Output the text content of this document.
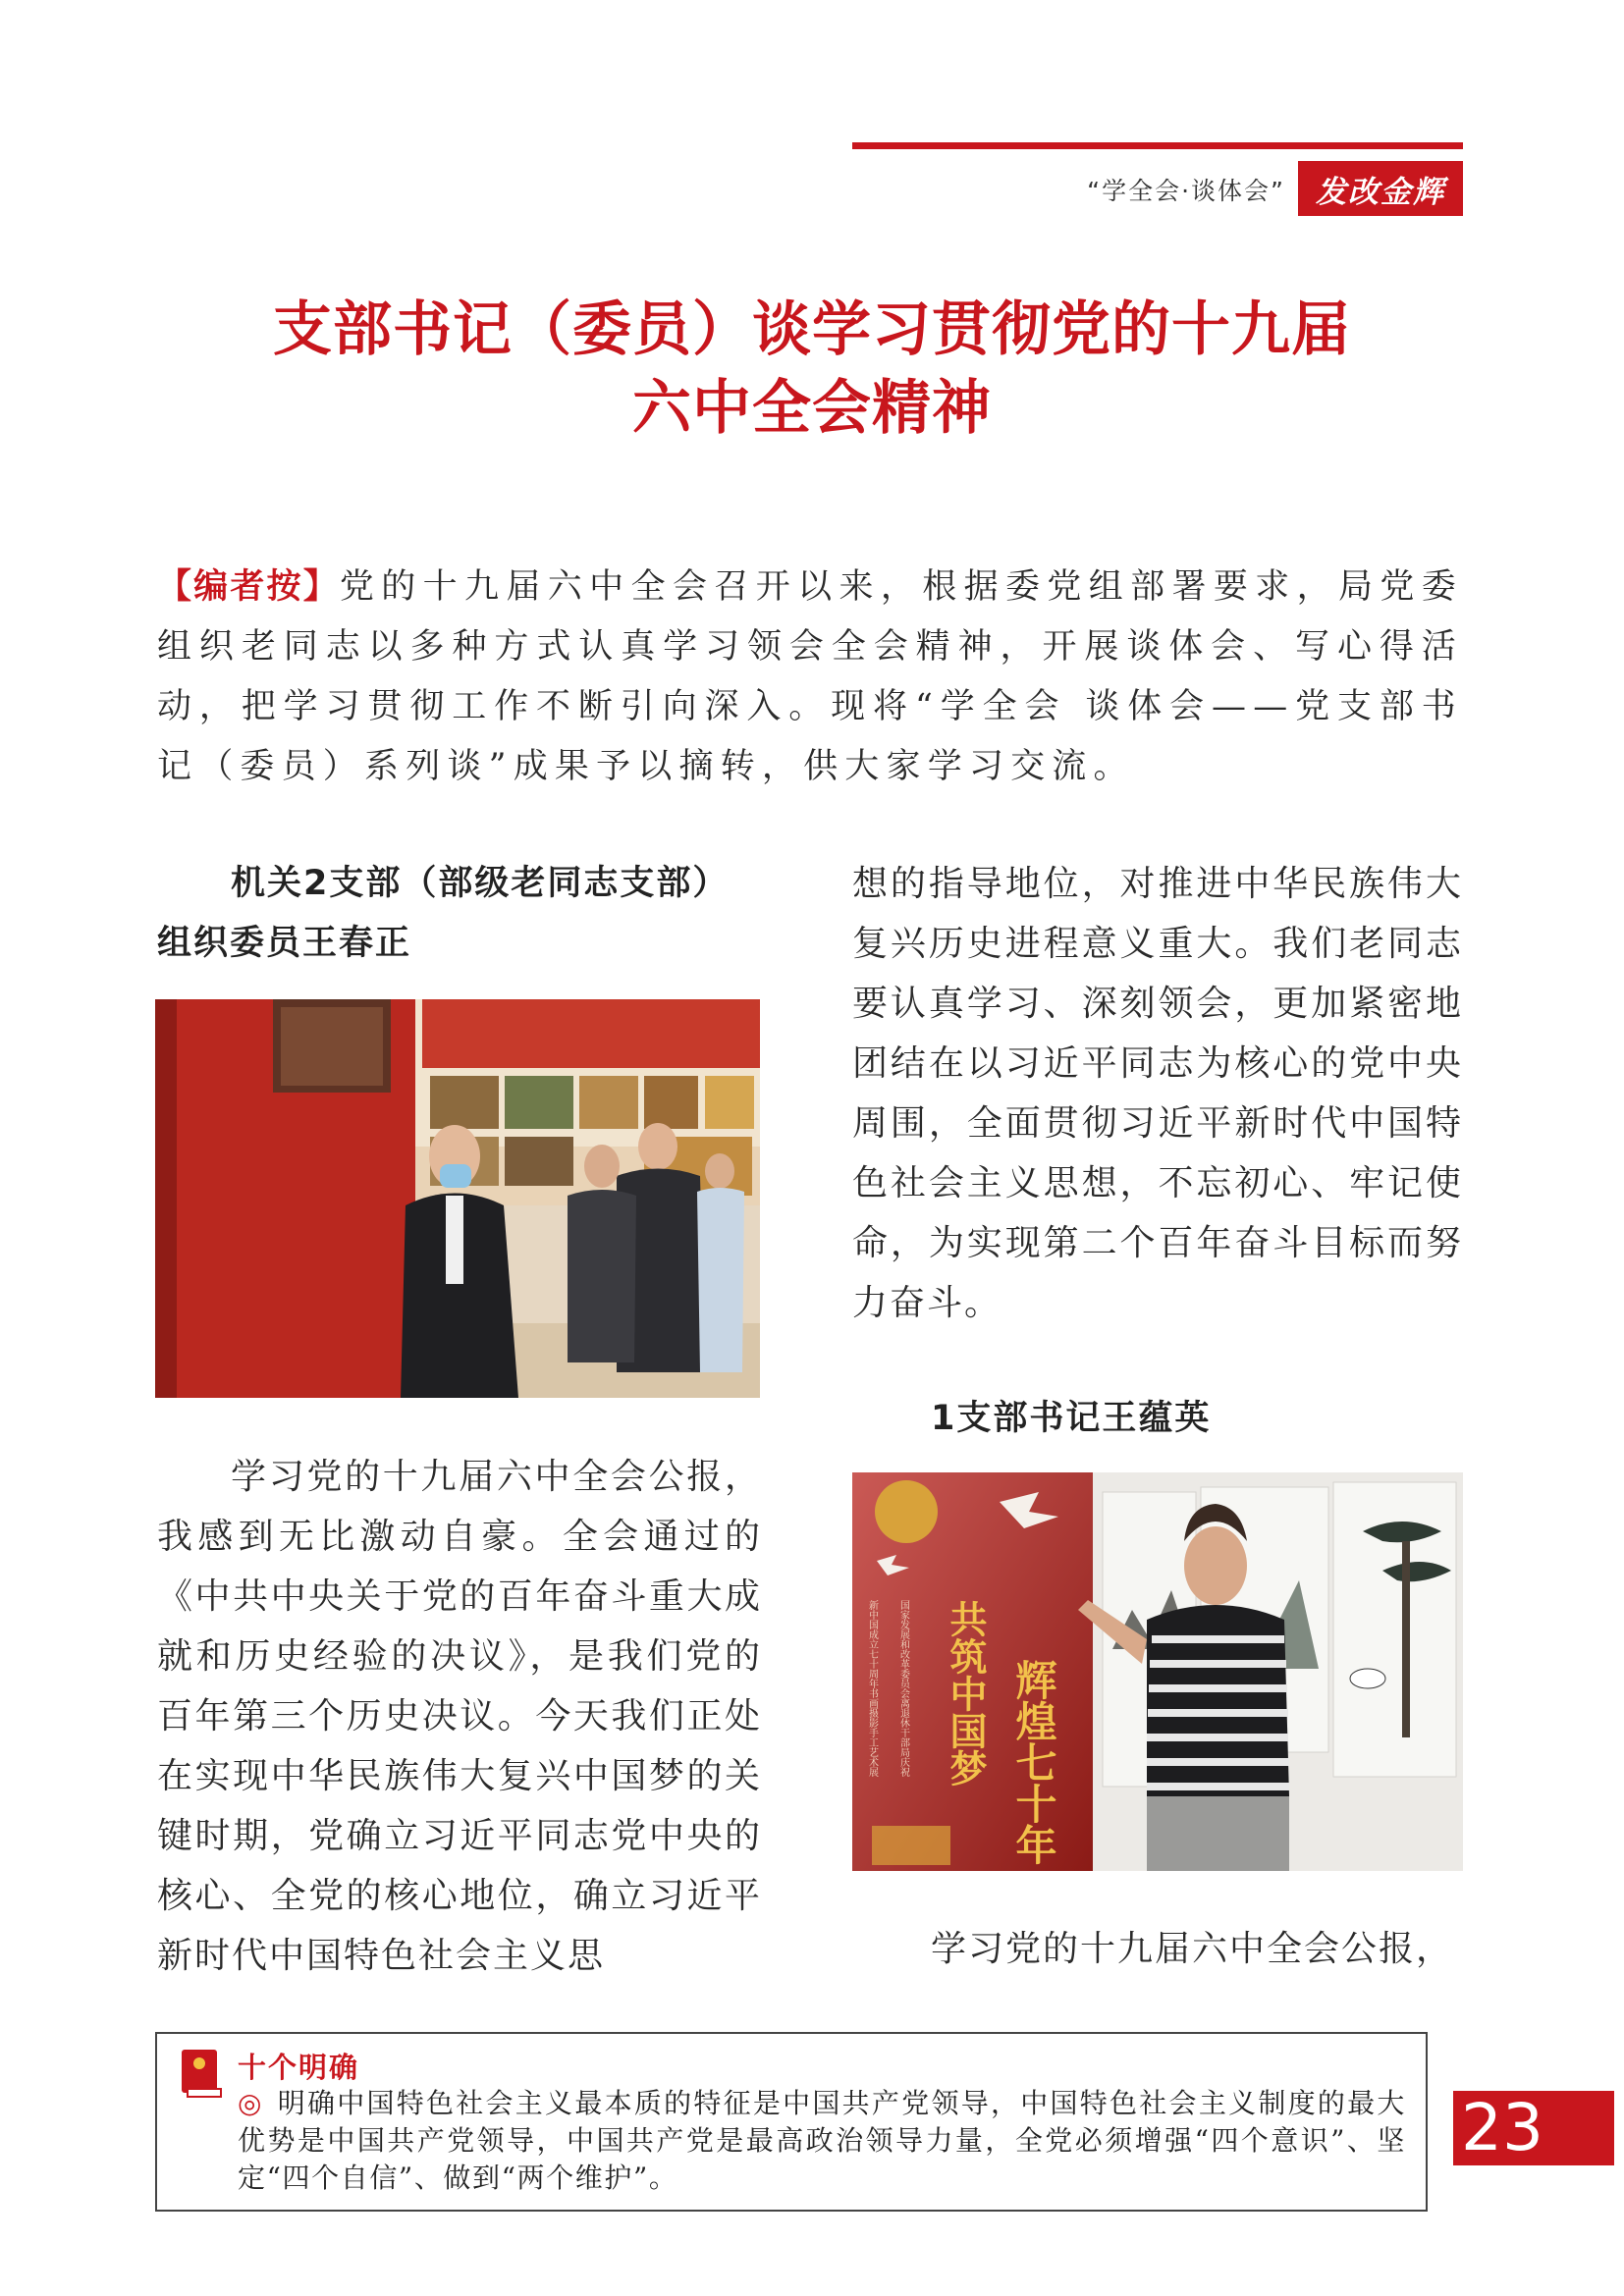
“学全会·谈体会”	发改金辉
支部书记（委员）谈学习贯彻党的十九届
六中全会精神
【编者按】党的十九届六中全会召开以来，根据委党组部署要求，局党委组织老同志以多种方式认真学习领会全会精神，开展谈体会、写心得活动，把学习贯彻工作不断引向深入。现将“学全会 谈体会——党支部书记（委员）系列谈”成果予以摘转，供大家学习交流。
机关2支部（部级老同志支部）
组织委员王春正

学习党的十九届六中全会公报，我感到无比激动自豪。全会通过的《中共中央关于党的百年奋斗重大成就和历史经验的决议》，是我们党的百年第三个历史决议。今天我们正处在实现中华民族伟大复兴中国梦的关键时期，党确立习近平同志党中央的核心、全党的核心地位，确立习近平新时代中国特色社会主义思

想的指导地位，对推进中华民族伟大复兴历史进程意义重大。我们老同志要认真学习、深刻领会，更加紧密地团结在以习近平同志为核心的党中央周围，全面贯彻习近平新时代中国特色社会主义思想，不忘初心、牢记使命，为实现第二个百年奋斗目标而努力奋斗。

1支部书记王蕴英
共筑中国梦 辉煌七十年
新中国成立七十周年书画摄影手工艺术展 国家发展和改革委员会离退休干部局庆祝

学习党的十九届六中全会公报，

十个明确
◎ 明确中国特色社会主义最本质的特征是中国共产党领导，中国特色社会主义制度的最大优势是中国共产党领导，中国共产党是最高政治领导力量，全党必须增强“四个意识”、坚定“四个自信”、做到“两个维护”。
23
